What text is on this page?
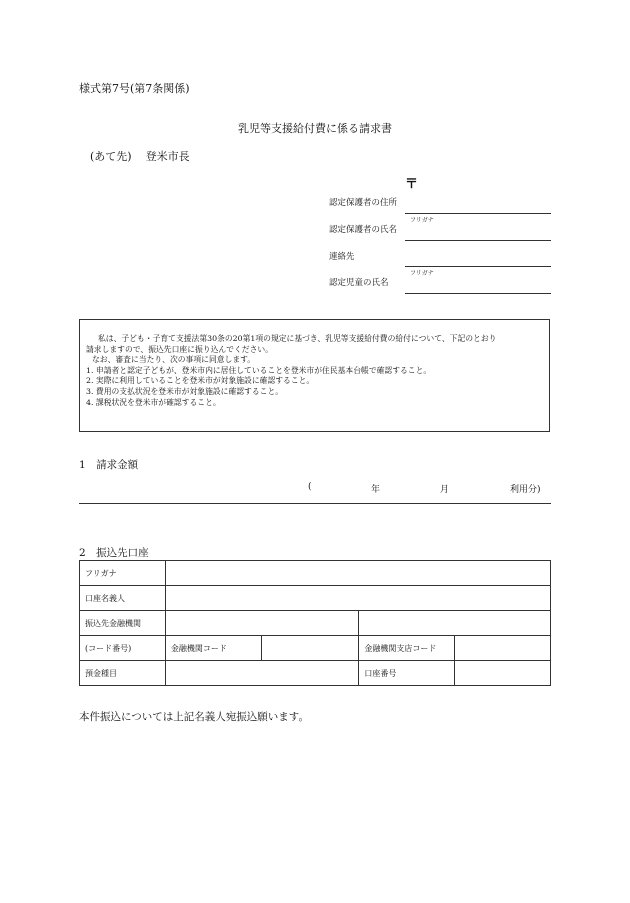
様式第7号(第7条関係)
乳児等支援給付費に係る請求書
(あて先) 登米市長
〒
認定保護者の住所
フリガナ
認定保護者の氏名
連絡先
フリガナ
認定児童の氏名
私は、子ども・子育て支援法第30条の20第1項の規定に基づき、乳児等支援給付費の給付について、下記のとおり
請求しますので、振込先口座に振り込んでください。
なお、審査に当たり、次の事項に同意します。
1. 申請者と認定子どもが、登米市内に居住していることを登米市が住民基本台帳で確認すること。
2. 実際に利用していることを登米市が対象施設に確認すること。
3. 費用の支払状況を登米市が対象施設に確認すること。
4. 課税状況を登米市が確認すること。
1　請求金額
(	年	月	利用分)
2　振込先口座
フリガナ				
口座名義人				
振込先金融機関				
(コード番号)	金融機関コード		金融機関支店コード	
預金種目			口座番号	
本件振込については上記名義人宛振込願います。
